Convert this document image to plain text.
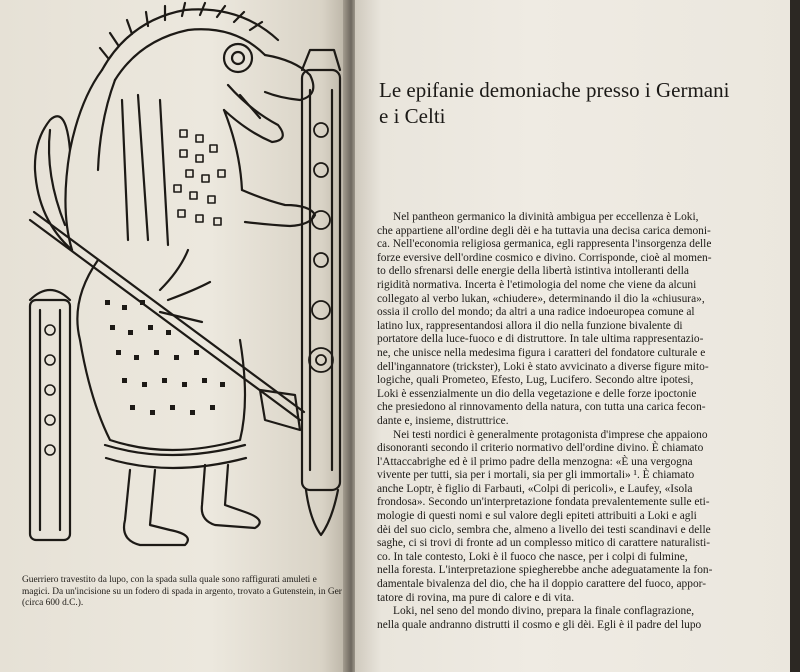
Guerriero travestito da lupo, con la spada sulla quale sono raffigurati amuleti e
magici. Da un'incisione su un fodero di spada in argento, trovato a Gutenstein, in Ger
(circa 600 d.C.).
Le epifanie demoniache presso i Germani
e i Celti

Nel pantheon germanico la divinità ambigua per eccellenza è Loki,
che appartiene all'ordine degli dèi e ha tuttavia una decisa carica demoni-
ca. Nell'economia religiosa germanica, egli rappresenta l'insorgenza delle
forze eversive dell'ordine cosmico e divino. Corrisponde, cioè al momen-
to dello sfrenarsi delle energie della libertà istintiva intolleranti della
rigidità normativa. Incerta è l'etimologia del nome che viene da alcuni
collegato al verbo lukan, «chiudere», determinando il dio la «chiusura»,
ossia il crollo del mondo; da altri a una radice indoeuropea comune al
latino lux, rappresentandosi allora il dio nella funzione bivalente di
portatore della luce-fuoco e di distruttore. In tale ultima rappresentazio-
ne, che unisce nella medesima figura i caratteri del fondatore culturale e
dell'ingannatore (trickster), Loki è stato avvicinato a diverse figure mito-
logiche, quali Prometeo, Efesto, Lug, Lucifero. Secondo altre ipotesi,
Loki è essenzialmente un dio della vegetazione e delle forze ipoctonie
che presiedono al rinnovamento della natura, con tutta una carica fecon-
dante e, insieme, distruttrice.

Nei testi nordici è generalmente protagonista d'imprese che appaiono
disonoranti secondo il criterio normativo dell'ordine divino. È chiamato
l'Attaccabrighe ed è il primo padre della menzogna: «È una vergogna
vivente per tutti, sia per i mortali, sia per gli immortali» ¹. È chiamato
anche Loptr, è figlio di Farbauti, «Colpi di pericoli», e Laufey, «Isola
frondosa». Secondo un'interpretazione fondata prevalentemente sulle eti-
mologie di questi nomi e sul valore degli epiteti attribuiti a Loki e agli
dèi del suo ciclo, sembra che, almeno a livello dei testi scandinavi e delle
saghe, ci si trovi di fronte ad un complesso mitico di carattere naturalisti-
co. In tale contesto, Loki è il fuoco che nasce, per i colpi di fulmine,
nella foresta. L'interpretazione spiegherebbe anche adeguatamente la fon-
damentale bivalenza del dio, che ha il doppio carattere del fuoco, appor-
tatore di rovina, ma pure di calore e di vita.

Loki, nel seno del mondo divino, prepara la finale conflagrazione,
nella quale andranno distrutti il cosmo e gli dèi. Egli è il padre del lupo
